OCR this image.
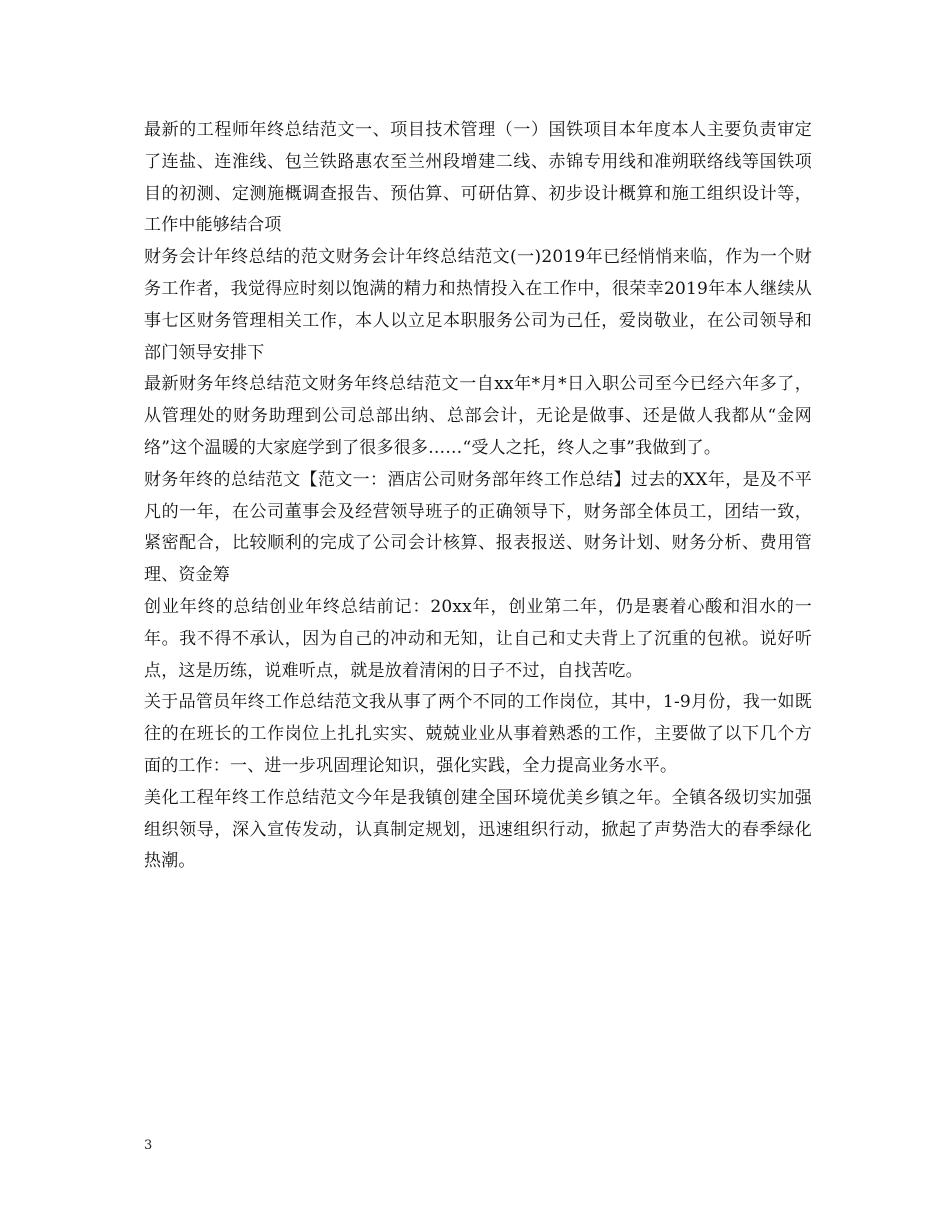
最新的工程师年终总结范文一、项目技术管理（一）国铁项目本年度本人主要负责审定了连盐、连淮线、包兰铁路惠农至兰州段增建二线、赤锦专用线和准朔联络线等国铁项目的初测、定测施概调查报告、预估算、可研估算、初步设计概算和施工组织设计等，工作中能够结合项

财务会计年终总结的范文财务会计年终总结范文(一)2019年已经悄悄来临，作为一个财务工作者，我觉得应时刻以饱满的精力和热情投入在工作中，很荣幸2019年本人继续从事七区财务管理相关工作，本人以立足本职服务公司为己任，爱岗敬业，在公司领导和部门领导安排下

最新财务年终总结范文财务年终总结范文一自xx年*月*日入职公司至今已经六年多了，从管理处的财务助理到公司总部出纳、总部会计，无论是做事、还是做人我都从“金网络”这个温暖的大家庭学到了很多很多……“受人之托，终人之事”我做到了。

财务年终的总结范文【范文一：酒店公司财务部年终工作总结】过去的XX年，是及不平凡的一年，在公司董事会及经营领导班子的正确领导下，财务部全体员工，团结一致，紧密配合，比较顺利的完成了公司会计核算、报表报送、财务计划、财务分析、费用管理、资金筹

创业年终的总结创业年终总结前记：20xx年，创业第二年，仍是裹着心酸和泪水的一年。我不得不承认，因为自己的冲动和无知，让自己和丈夫背上了沉重的包袱。说好听点，这是历练，说难听点，就是放着清闲的日子不过，自找苦吃。

关于品管员年终工作总结范文我从事了两个不同的工作岗位，其中，1-9月份，我一如既往的在班长的工作岗位上扎扎实实、兢兢业业从事着熟悉的工作，主要做了以下几个方面的工作：一、进一步巩固理论知识，强化实践，全力提高业务水平。

美化工程年终工作总结范文今年是我镇创建全国环境优美乡镇之年。全镇各级切实加强组织领导，深入宣传发动，认真制定规划，迅速组织行动，掀起了声势浩大的春季绿化热潮。

3
